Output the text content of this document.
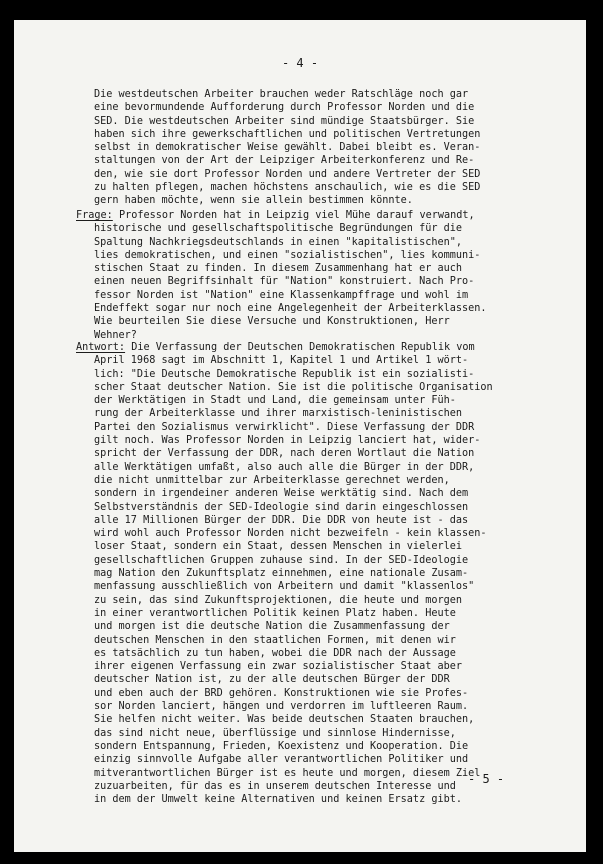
- 4 -
Die westdeutschen Arbeiter brauchen weder Ratschläge noch gar
eine bevormundende Aufforderung durch Professor Norden und die
SED. Die westdeutschen Arbeiter sind mündige Staatsbürger. Sie
haben sich ihre gewerkschaftlichen und politischen Vertretungen
selbst in demokratischer Weise gewählt. Dabei bleibt es. Veran-
staltungen von der Art der Leipziger Arbeiterkonferenz und Re-
den, wie sie dort Professor Norden und andere Vertreter der SED
zu halten pflegen, machen höchstens anschaulich, wie es die SED
gern haben möchte, wenn sie allein bestimmen könnte.
Frage: Professor Norden hat in Leipzig viel Mühe darauf verwandt,
historische und gesellschaftspolitische Begründungen für die
Spaltung Nachkriegsdeutschlands in einen "kapitalistischen",
lies demokratischen, und einen "sozialistischen", lies kommuni-
stischen Staat zu finden. In diesem Zusammenhang hat er auch
einen neuen Begriffsinhalt für "Nation" konstruiert. Nach Pro-
fessor Norden ist "Nation" eine Klassenkampffrage und wohl im
Endeffekt sogar nur noch eine Angelegenheit der Arbeiterklassen.
Wie beurteilen Sie diese Versuche und Konstruktionen, Herr
Wehner?
Antwort: Die Verfassung der Deutschen Demokratischen Republik vom
April 1968 sagt im Abschnitt 1, Kapitel 1 und Artikel 1 wört-
lich: "Die Deutsche Demokratische Republik ist ein sozialisti-
scher Staat deutscher Nation. Sie ist die politische Organisation
der Werktätigen in Stadt und Land, die gemeinsam unter Füh-
rung der Arbeiterklasse und ihrer marxistisch-leninistischen
Partei den Sozialismus verwirklicht". Diese Verfassung der DDR
gilt noch. Was Professor Norden in Leipzig lanciert hat, wider-
spricht der Verfassung der DDR, nach deren Wortlaut die Nation
alle Werktätigen umfaßt, also auch alle die Bürger in der DDR,
die nicht unmittelbar zur Arbeiterklasse gerechnet werden,
sondern in irgendeiner anderen Weise werktätig sind. Nach dem
Selbstverständnis der SED-Ideologie sind darin eingeschlossen
alle 17 Millionen Bürger der DDR. Die DDR von heute ist - das
wird wohl auch Professor Norden nicht bezweifeln - kein klassen-
loser Staat, sondern ein Staat, dessen Menschen in vielerlei
gesellschaftlichen Gruppen zuhause sind. In der SED-Ideologie
mag Nation den Zukunftsplatz einnehmen, eine nationale Zusam-
menfassung ausschließlich von Arbeitern und damit "klassenlos"
zu sein, das sind Zukunftsprojektionen, die heute und morgen
in einer verantwortlichen Politik keinen Platz haben. Heute
und morgen ist die deutsche Nation die Zusammenfassung der
deutschen Menschen in den staatlichen Formen, mit denen wir
es tatsächlich zu tun haben, wobei die DDR nach der Aussage
ihrer eigenen Verfassung ein zwar sozialistischer Staat aber
deutscher Nation ist, zu der alle deutschen Bürger der DDR
und eben auch der BRD gehören. Konstruktionen wie sie Profes-
sor Norden lanciert, hängen und verdorren im luftleeren Raum.
Sie helfen nicht weiter. Was beide deutschen Staaten brauchen,
das sind nicht neue, überflüssige und sinnlose Hindernisse,
sondern Entspannung, Frieden, Koexistenz und Kooperation. Die
einzig sinnvolle Aufgabe aller verantwortlichen Politiker und
mitverantwortlichen Bürger ist es heute und morgen, diesem Ziel
zuzuarbeiten, für das es in unserem deutschen Interesse und
in dem der Umwelt keine Alternativen und keinen Ersatz gibt.
- 5 -
